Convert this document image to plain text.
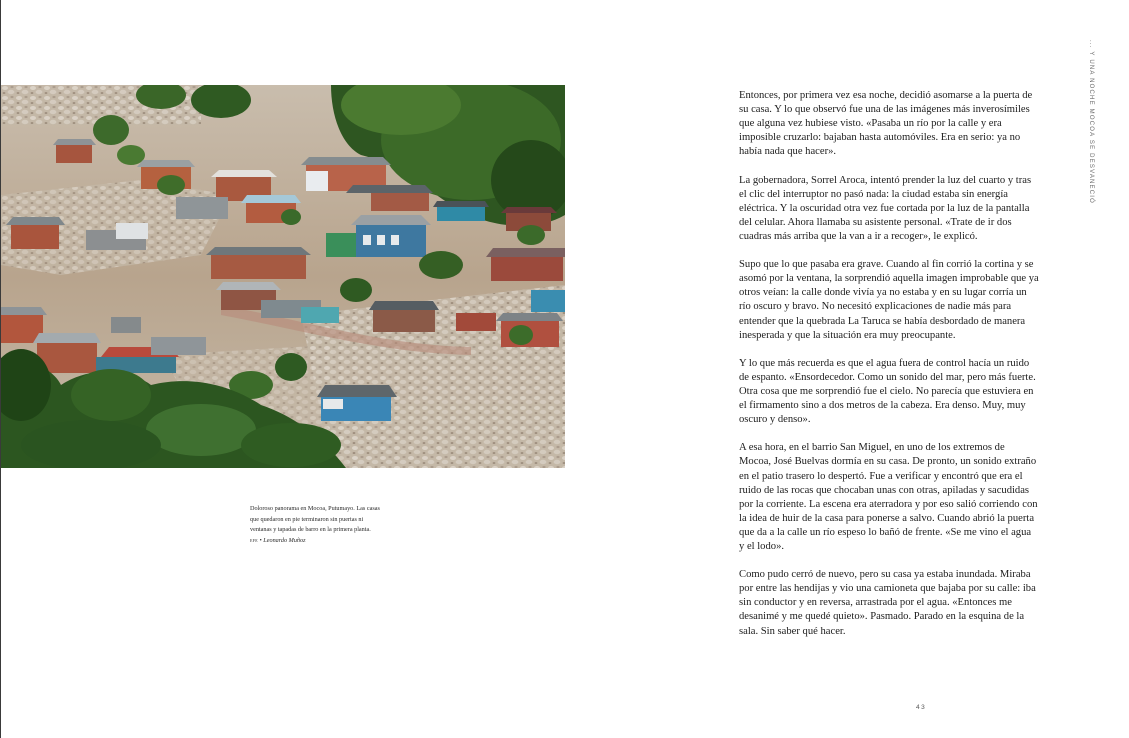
Doloroso panorama en Mocoa, Putumayo. Las casas
que quedaron en pie terminaron sin puertas ni
ventanas y tapadas de barro en la primera planta.
efe • Leonardo Muñoz

Entonces, por primera vez esa noche, decidió asomarse a la puerta de su casa. Y lo que observó fue una de las imágenes más inverosímiles que alguna vez hubiese visto. «Pasaba un río por la calle y era imposible cruzarlo: bajaban hasta automóviles. Era en serio: ya no había nada que hacer».

La gobernadora, Sorrel Aroca, intentó prender la luz del cuarto y tras el clic del interruptor no pasó nada: la ciudad estaba sin energía eléctrica. Y la oscuridad otra vez fue cortada por la luz de la pantalla del celular. Ahora llamaba su asistente personal. «Trate de ir dos cuadras más arriba que la van a ir a recoger», le explicó.

Supo que lo que pasaba era grave. Cuando al fin corrió la cortina y se asomó por la ventana, la sorprendió aquella imagen improbable que ya otros veían: la calle donde vivía ya no estaba y en su lugar corría un río oscuro y bravo. No necesitó explicaciones de nadie más para entender que la quebrada La Taruca se había desbordado de manera inesperada y que la situación era muy preocupante.

Y lo que más recuerda es que el agua fuera de control hacía un ruido de espanto. «Ensordecedor. Como un sonido del mar, pero más fuerte. Otra cosa que me sorprendió fue el cielo. No parecía que estuviera en el firmamento sino a dos metros de la cabeza. Era denso. Muy, muy oscuro y denso».

A esa hora, en el barrio San Miguel, en uno de los extremos de Mocoa, José Buelvas dormía en su casa. De pronto, un sonido extraño en el patio trasero lo despertó. Fue a verificar y encontró que era el ruido de las rocas que chocaban unas con otras, apiladas y sacudidas por la corriente. La escena era aterradora y por eso salió corriendo con la idea de huir de la casa para ponerse a salvo. Cuando abrió la puerta que da a la calle un río espeso lo bañó de frente. «Se me vino el agua y el lodo».

Como pudo cerró de nuevo, pero su casa ya estaba inundada. Miraba por entre las hendijas y vio una camioneta que bajaba por su calle: iba sin conductor y en reversa, arrastrada por el agua. «Entonces me desanimé y me quedé quieto». Pasmado. Parado en la esquina de la sala. Sin saber qué hacer.

... Y UNA NOCHE MOCOA SE DESVANECIÓ
43
